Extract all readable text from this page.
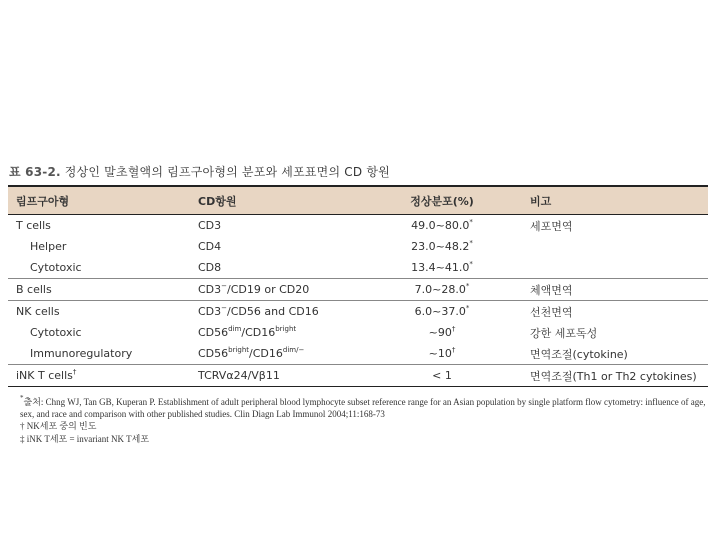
표 63-2. 정상인 말초혈액의 림프구아형의 분포와 세포표면의 CD 항원
림프구아형	CD항원	정상분포(%)	비고
T cells	CD3	49.0~80.0*	세포면역
Helper	CD4	23.0~48.2*	
Cytotoxic	CD8	13.4~41.0*	
B cells	CD3−/CD19 or CD20	7.0~28.0*	체액면역
NK cells	CD3−/CD56 and CD16	6.0~37.0*	선천면역
Cytotoxic	$CD56^{dim}/CD16^{bright}$	~90†	강한 세포독성
Immunoregulatory	$CD56^{bright}/CD16^{dim/-}$	~10†	면역조절(cytokine)
iNK T cells†	TCRVα24/Vβ11	< 1	면역조절(Th1 or Th2 cytokines)
*출처: Chng WJ, Tan GB, Kuperan P. Establishment of adult peripheral blood lymphocyte subset reference range for an Asian population by single platform flow cytometry: influence of age, sex, and race and comparison with other published studies. Clin Diagn Lab Immunol 2004;11:168-73
† NK세포 중의 빈도
‡ iNK T세포 = invariant NK T세포
